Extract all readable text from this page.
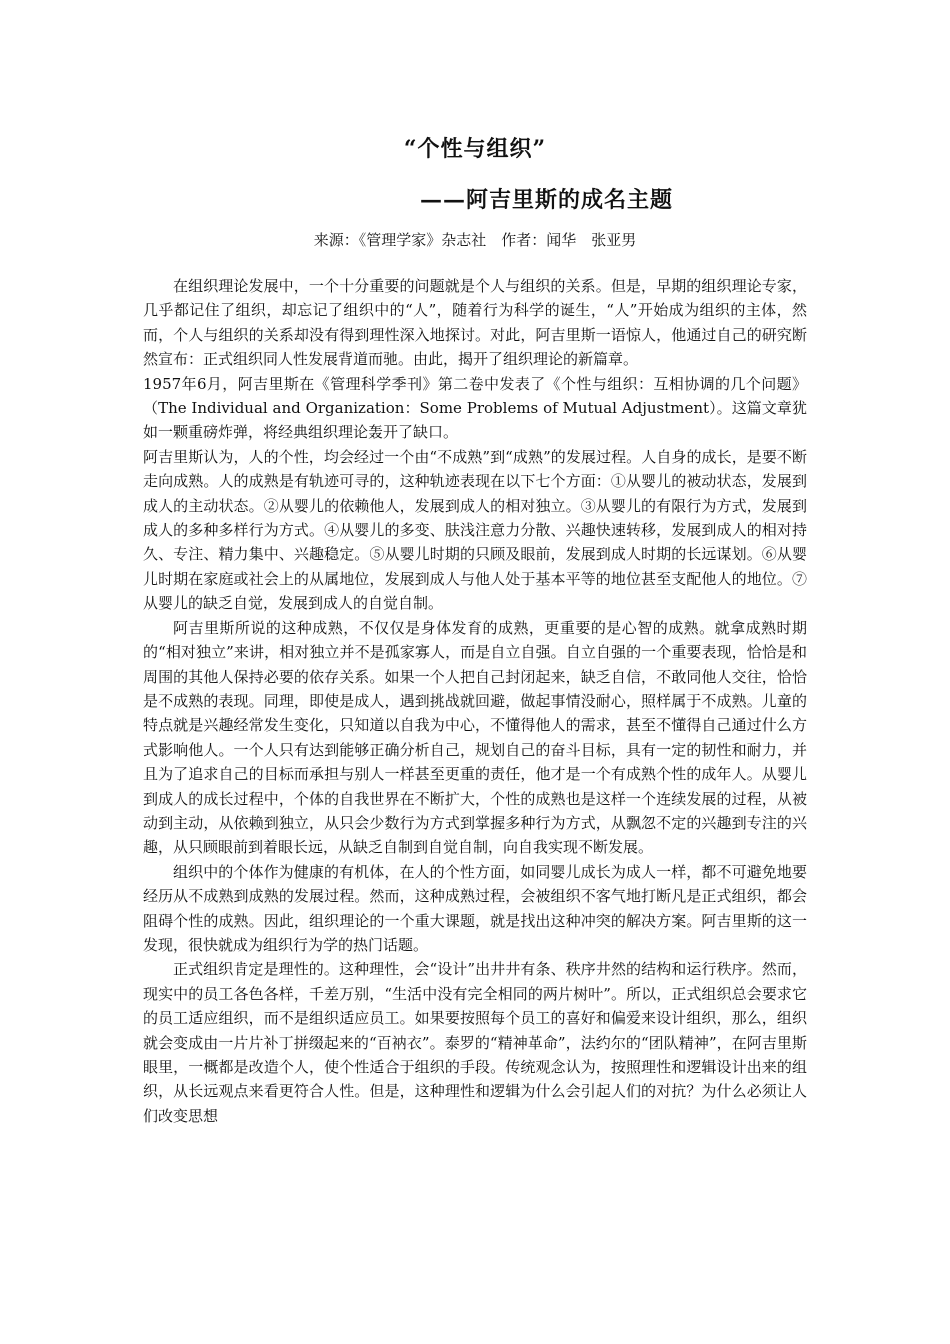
“个性与组织”
——阿吉里斯的成名主题

来源：《管理学家》杂志社　作者：闻华　张亚男

在组织理论发展中，一个十分重要的问题就是个人与组织的关系。但是，早期的组织理论专家，几乎都记住了组织，却忘记了组织中的“人”，随着行为科学的诞生，“人”开始成为组织的主体，然而，个人与组织的关系却没有得到理性深入地探讨。对此，阿吉里斯一语惊人，他通过自己的研究断然宣布：正式组织同人性发展背道而驰。由此，揭开了组织理论的新篇章。

1957年6月，阿吉里斯在《管理科学季刊》第二卷中发表了《个性与组织：互相协调的几个问题》（The Individual and Organization：Some Problems of Mutual Adjustment）。这篇文章犹如一颗重磅炸弹，将经典组织理论轰开了缺口。

阿吉里斯认为，人的个性，均会经过一个由“不成熟”到“成熟”的发展过程。人自身的成长，是要不断走向成熟。人的成熟是有轨迹可寻的，这种轨迹表现在以下七个方面：①从婴儿的被动状态，发展到成人的主动状态。②从婴儿的依赖他人，发展到成人的相对独立。③从婴儿的有限行为方式，发展到成人的多种多样行为方式。④从婴儿的多变、肤浅注意力分散、兴趣快速转移，发展到成人的相对持久、专注、精力集中、兴趣稳定。⑤从婴儿时期的只顾及眼前，发展到成人时期的长远谋划。⑥从婴儿时期在家庭或社会上的从属地位，发展到成人与他人处于基本平等的地位甚至支配他人的地位。⑦从婴儿的缺乏自觉，发展到成人的自觉自制。

阿吉里斯所说的这种成熟，不仅仅是身体发育的成熟，更重要的是心智的成熟。就拿成熟时期的“相对独立”来讲，相对独立并不是孤家寡人，而是自立自强。自立自强的一个重要表现，恰恰是和周围的其他人保持必要的依存关系。如果一个人把自己封闭起来，缺乏自信，不敢同他人交往，恰恰是不成熟的表现。同理，即使是成人，遇到挑战就回避，做起事情没耐心，照样属于不成熟。儿童的特点就是兴趣经常发生变化，只知道以自我为中心，不懂得他人的需求，甚至不懂得自己通过什么方式影响他人。一个人只有达到能够正确分析自己，规划自己的奋斗目标，具有一定的韧性和耐力，并且为了追求自己的目标而承担与别人一样甚至更重的责任，他才是一个有成熟个性的成年人。从婴儿到成人的成长过程中，个体的自我世界在不断扩大，个性的成熟也是这样一个连续发展的过程，从被动到主动，从依赖到独立，从只会少数行为方式到掌握多种行为方式，从飘忽不定的兴趣到专注的兴趣，从只顾眼前到着眼长远，从缺乏自制到自觉自制，向自我实现不断发展。

组织中的个体作为健康的有机体，在人的个性方面，如同婴儿成长为成人一样，都不可避免地要经历从不成熟到成熟的发展过程。然而，这种成熟过程，会被组织不客气地打断凡是正式组织，都会阻碍个性的成熟。因此，组织理论的一个重大课题，就是找出这种冲突的解决方案。阿吉里斯的这一发现，很快就成为组织行为学的热门话题。

正式组织肯定是理性的。这种理性，会“设计”出井井有条、秩序井然的结构和运行秩序。然而，现实中的员工各色各样，千差万别，“生活中没有完全相同的两片树叶”。所以，正式组织总会要求它的员工适应组织，而不是组织适应员工。如果要按照每个员工的喜好和偏爱来设计组织，那么，组织就会变成由一片片补丁拼缀起来的“百衲衣”。泰罗的“精神革命”，法约尔的“团队精神”，在阿吉里斯眼里，一概都是改造个人，使个性适合于组织的手段。传统观念认为，按照理性和逻辑设计出来的组织，从长远观点来看更符合人性。但是，这种理性和逻辑为什么会引起人们的对抗？为什么必须让人们改变思想
